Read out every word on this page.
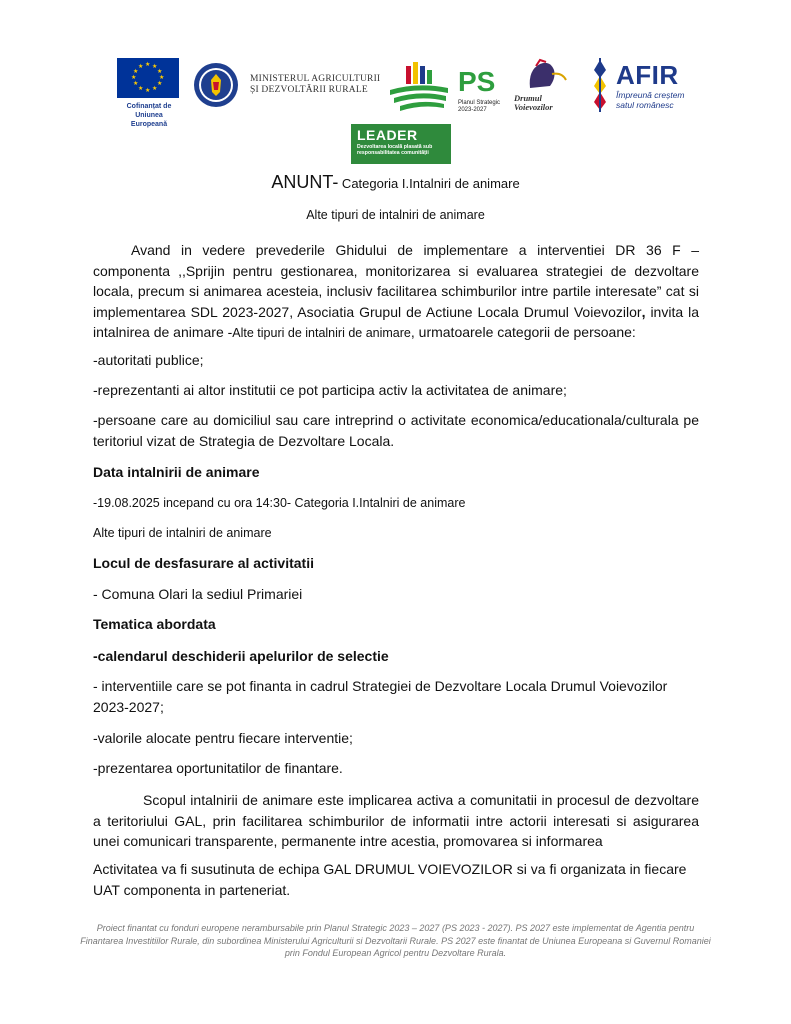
★ ★
★
★
★
★
★
★
★
★
★
★
Cofinanțat de Uniunea Europeană
MINISTERUL AGRICULTURII
ȘI DEZVOLTĂRII RURALE	PS
Planul Strategic 2023-2027
Drumul
Voievozilor
AFIR
Împreună creștem satul românesc
LEADER
Dezvoltarea locală plasată sub responsabilitatea comunității
ANUNT- Categoria I.Intalniri de animare
Alte tipuri de intalniri de animare
Avand in vedere prevederile Ghidului de implementare a interventiei DR 36 F – componenta ,,Sprijin pentru gestionarea, monitorizarea si evaluarea strategiei de dezvoltare locala, precum si animarea acesteia, inclusiv facilitarea schimburilor intre partile interesate” cat si implementarea SDL 2023-2027, Asociatia Grupul de Actiune Locala Drumul Voievozilor, invita la intalnirea de animare -Alte tipuri de intalniri de animare, urmatoarele categorii de persoane:
-autoritati publice;
-reprezentanti ai altor institutii ce pot participa activ la activitatea de animare;
-persoane care au domiciliul sau care intreprind o activitate economica/educationala/culturala pe teritoriul vizat de Strategia de Dezvoltare Locala.
Data intalnirii de animare
-19.08.2025 incepand cu ora 14:30- Categoria I.Intalniri de animare
Alte tipuri de intalniri de animare
Locul de desfasurare al activitatii
- Comuna Olari la sediul Primariei
Tematica abordata
-calendarul deschiderii apelurilor de selectie
- interventiile care se pot finanta in cadrul Strategiei de Dezvoltare Locala Drumul Voievozilor 2023-2027;
-valorile alocate pentru fiecare interventie;
-prezentarea oportunitatilor de finantare.
Scopul intalnirii de animare este implicarea activa a comunitatii in procesul de dezvoltare a teritoriului GAL, prin facilitarea schimburilor de informatii intre actorii interesati si asigurarea unei comunicari transparente, permanente intre acestia, promovarea si informarea
Activitatea va fi susutinuta de echipa GAL DRUMUL VOIEVOZILOR si va fi organizata in fiecare UAT componenta in parteneriat.
Proiect finantat cu fonduri europene nerambursabile prin Planul Strategic 2023 – 2027 (PS 2023 - 2027). PS 2027 este implementat de Agentia pentru Finantarea Investitiilor Rurale, din subordinea Ministerului Agriculturii si Dezvoltarii Rurale. PS 2027 este finantat de Uniunea Europeana si Guvernul Romaniei prin Fondul European Agricol pentru Dezvoltare Rurala.
